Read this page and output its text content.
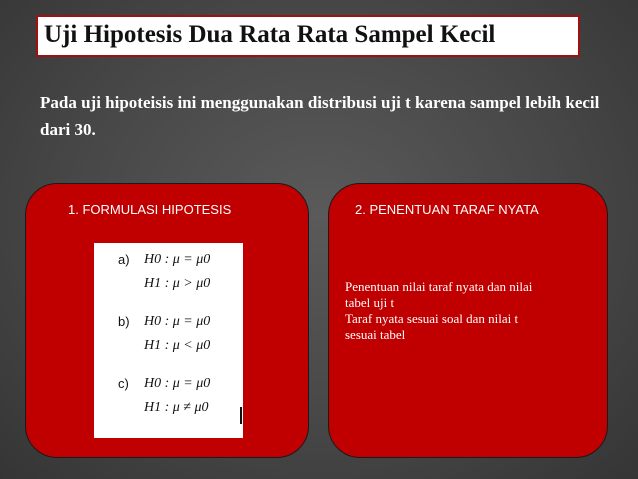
Uji Hipotesis Dua Rata Rata Sampel Kecil
Pada uji hipoteisis ini menggunakan distribusi uji t karena sampel lebih kecil dari 30.
1. FORMULASI HIPOTESIS
a) H0 : μ = μ0
H1 : μ > μ0
b) H0 : μ = μ0
H1 : μ < μ0
c) H0 : μ = μ0
H1 : μ ≠ μ0
2. PENENTUAN TARAF NYATA
Penentuan nilai taraf nyata dan nilai
tabel uji t
Taraf nyata sesuai soal dan nilai t
sesuai tabel
